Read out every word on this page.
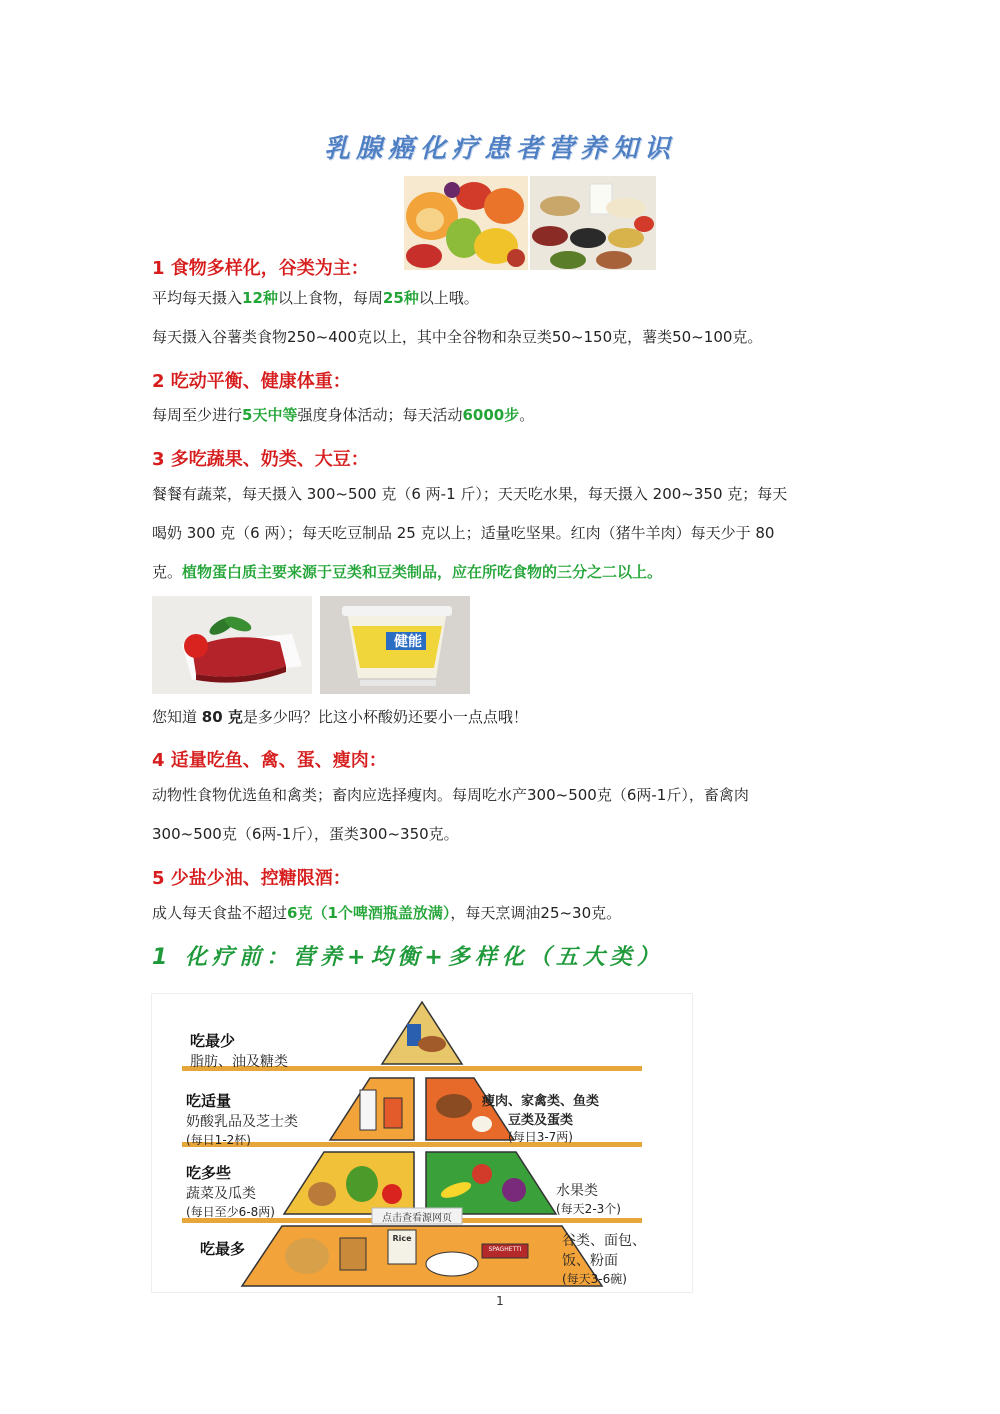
乳腺癌化疗患者营养知识
1 食物多样化，谷类为主：
平均每天摄入12种以上食物，每周25种以上哦。
每天摄入谷薯类食物250~400克以上，其中全谷物和杂豆类50~150克，薯类50~100克。
2 吃动平衡、健康体重：
每周至少进行5天中等强度身体活动；每天活动6000步。
3 多吃蔬果、奶类、大豆：
餐餐有蔬菜，每天摄入 300~500 克（6 两-1 斤）；天天吃水果，每天摄入 200~350 克；每天
喝奶 300 克（6 两）；每天吃豆制品 25 克以上；适量吃坚果。红肉（猪牛羊肉）每天少于 80
克。植物蛋白质主要来源于豆类和豆类制品，应在所吃食物的三分之二以上。
健能
您知道 80 克是多少吗？比这小杯酸奶还要小一点点哦！
4 适量吃鱼、禽、蛋、瘦肉：
动物性食物优选鱼和禽类；畜肉应选择瘦肉。每周吃水产300~500克（6两-1斤），畜禽肉
300~500克（6两-1斤），蛋类300~350克。
5 少盐少油、控糖限酒：
成人每天食盐不超过6克（1个啤酒瓶盖放满），每天烹调油25~30克。
1 化疗前：营养+均衡+多样化（五大类）
吃最少
脂肪、油及糖类
吃适量
奶酸乳品及芝士类
(每日1-2杯)
瘦肉、家禽类、鱼类
豆类及蛋类
(每日3-7两)
吃多些
蔬菜及瓜类
(每日至少6-8两)
水果类
(每天2-3个)
吃最多	谷类、面包、
饭、粉面
(每天3-6碗)
点击查看源网页
Rice
SPAGHETTI
1
